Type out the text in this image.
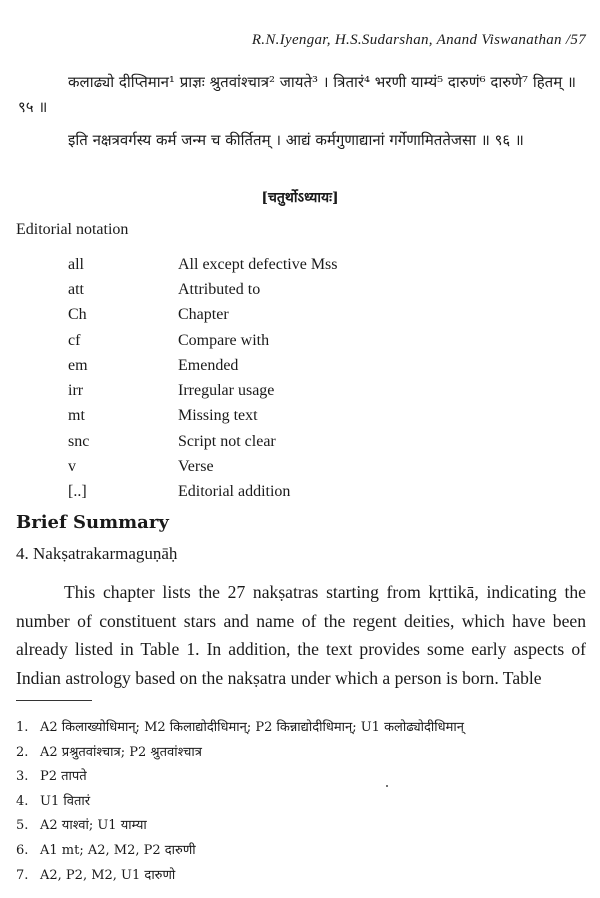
R.N.Iyengar, H.S.Sudarshan, Anand Viswanathan /57

कलाढ्यो दीप्तिमान¹ प्राज्ञः श्रुतवांश्चात्र² जायते³ । त्रितारं⁴ भरणी याम्यं⁵ दारुणं⁶ दारुणे⁷ हितम् ॥ ९५ ॥

इति नक्षत्रवर्गस्य कर्म जन्म च कीर्तितम् । आद्यं कर्मगुणाद्यानां गर्गेणामिततेजसा ॥ ९६ ॥

[चतुर्थोऽध्यायः]
Editorial notation
all	All except defective Mss
att	Attributed to
Ch	Chapter
cf	Compare with
em	Emended
irr	Irregular usage
mt	Missing text
snc	Script not clear
v	Verse
[..]	Editorial addition
Brief Summary
4. Nakṣatrakarmaguṇāḥ

This chapter lists the 27 nakṣatras starting from kṛttikā, indicating the number of constituent stars and name of the regent deities, which have been already listed in Table 1. In addition, the text provides some early aspects of Indian astrology based on the nakṣatra under which a person is born. Table

1. A2 किलाख्योधिमान्; M2 किलाद्योदीधिमान्; P2 किन्नाद्योदीधिमान्; U1 कलोढ्योदीधिमान्
2. A2 प्रश्रुतवांश्चात्र; P2 श्रुतवांश्चात्र
3. P2 तापते
4. U1 वितारं
5. A2 याश्वां; U1 याम्या
6. A1 mt; A2, M2, P2 दारुणी
7. A2, P2, M2, U1 दारुणो
